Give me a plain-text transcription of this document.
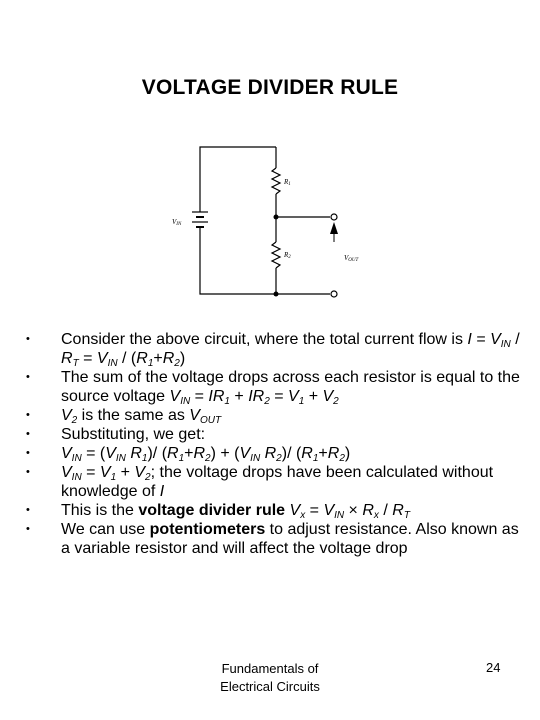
VOLTAGE DIVIDER RULE
VIN
R1
R2	VOUT
• Consider the above circuit, where the total current flow is $I = V_{IN} / R_T = V_{IN} / (R_1+R_2)$
• The sum of the voltage drops across each resistor is equal to the source voltage $V_{IN} = IR_1 + IR_2 = V_1 + V_2$
• $V_2$ is the same as $V_{OUT}$
• Substituting, we get:
• $V_{IN} = (V_{IN}$ $R_1)/$ $(R_1+R_2) + (V_{IN}$ $R_2)/$ $(R_1+R_2)$
• $V_{IN} = V_1 + V_2$; the voltage drops have been calculated without knowledge of I
• This is the voltage divider rule $V_x = V_{IN} \times R_x / R_T$
• We can use potentiometers to adjust resistance. Also known as a variable resistor and will affect the voltage drop
Fundamentals of
Electrical Circuits
24
